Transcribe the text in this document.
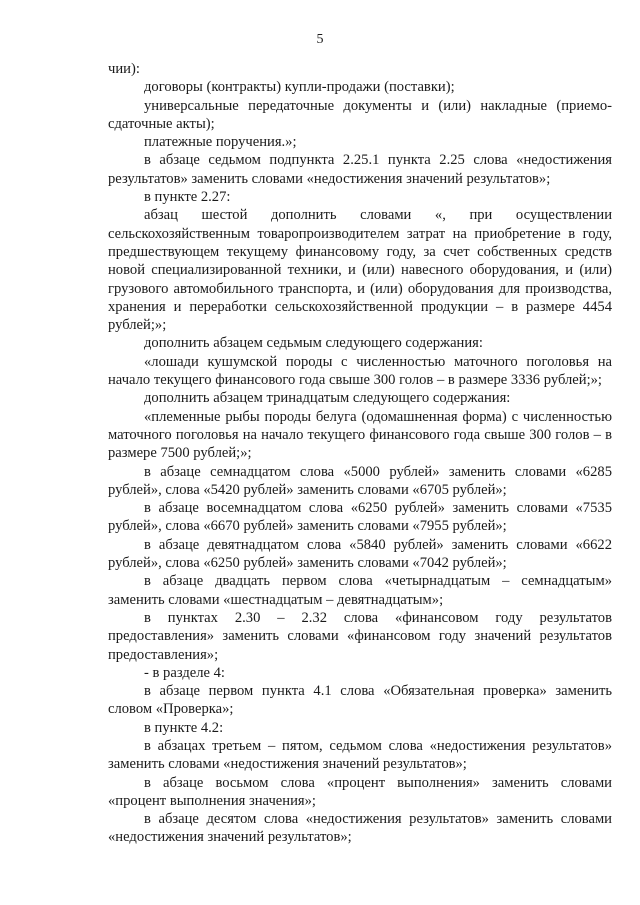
5

чии):

договоры (контракты) купли-продажи (поставки);

универсальные передаточные документы и (или) накладные (приемо-сдаточные акты);

платежные поручения.»;

в абзаце седьмом подпункта 2.25.1 пункта 2.25 слова «недостижения результатов» заменить словами «недостижения значений результатов»;

в пункте 2.27:

абзац шестой дополнить словами «, при осуществлении сельскохозяйственным товаропроизводителем затрат на приобретение в году, предшествующем текущему финансовому году, за счет собственных средств новой специализированной техники, и (или) навесного оборудования, и (или) грузового автомобильного транспорта, и (или) оборудования для производства, хранения и переработки сельскохозяйственной продукции – в размере 4454 рублей;»;

дополнить абзацем седьмым следующего содержания:

«лошади кушумской породы с численностью маточного поголовья на начало текущего финансового года свыше 300 голов – в размере 3336 рублей;»;

дополнить абзацем тринадцатым следующего содержания:

«племенные рыбы породы белуга (одомашненная форма) с численностью маточного поголовья на начало текущего финансового года свыше 300 голов – в размере 7500 рублей;»;

в абзаце семнадцатом слова «5000 рублей» заменить словами «6285 рублей», слова «5420 рублей» заменить словами «6705 рублей»;

в абзаце восемнадцатом слова «6250 рублей» заменить словами «7535 рублей», слова «6670 рублей» заменить словами «7955 рублей»;

в абзаце девятнадцатом слова «5840 рублей» заменить словами «6622 рублей», слова «6250 рублей» заменить словами «7042 рублей»;

в абзаце двадцать первом слова «четырнадцатым – семнадцатым» заменить словами «шестнадцатым – девятнадцатым»;

в пунктах 2.30 – 2.32 слова «финансовом году результатов предоставления» заменить словами «финансовом году значений результатов предоставления»;

- в разделе 4:

в абзаце первом пункта 4.1 слова «Обязательная проверка» заменить словом «Проверка»;

в пункте 4.2:

в абзацах третьем – пятом, седьмом слова «недостижения результатов» заменить словами «недостижения значений результатов»;

в абзаце восьмом слова «процент выполнения» заменить словами «процент выполнения значения»;

в абзаце десятом слова «недостижения результатов» заменить словами «недостижения значений результатов»;
